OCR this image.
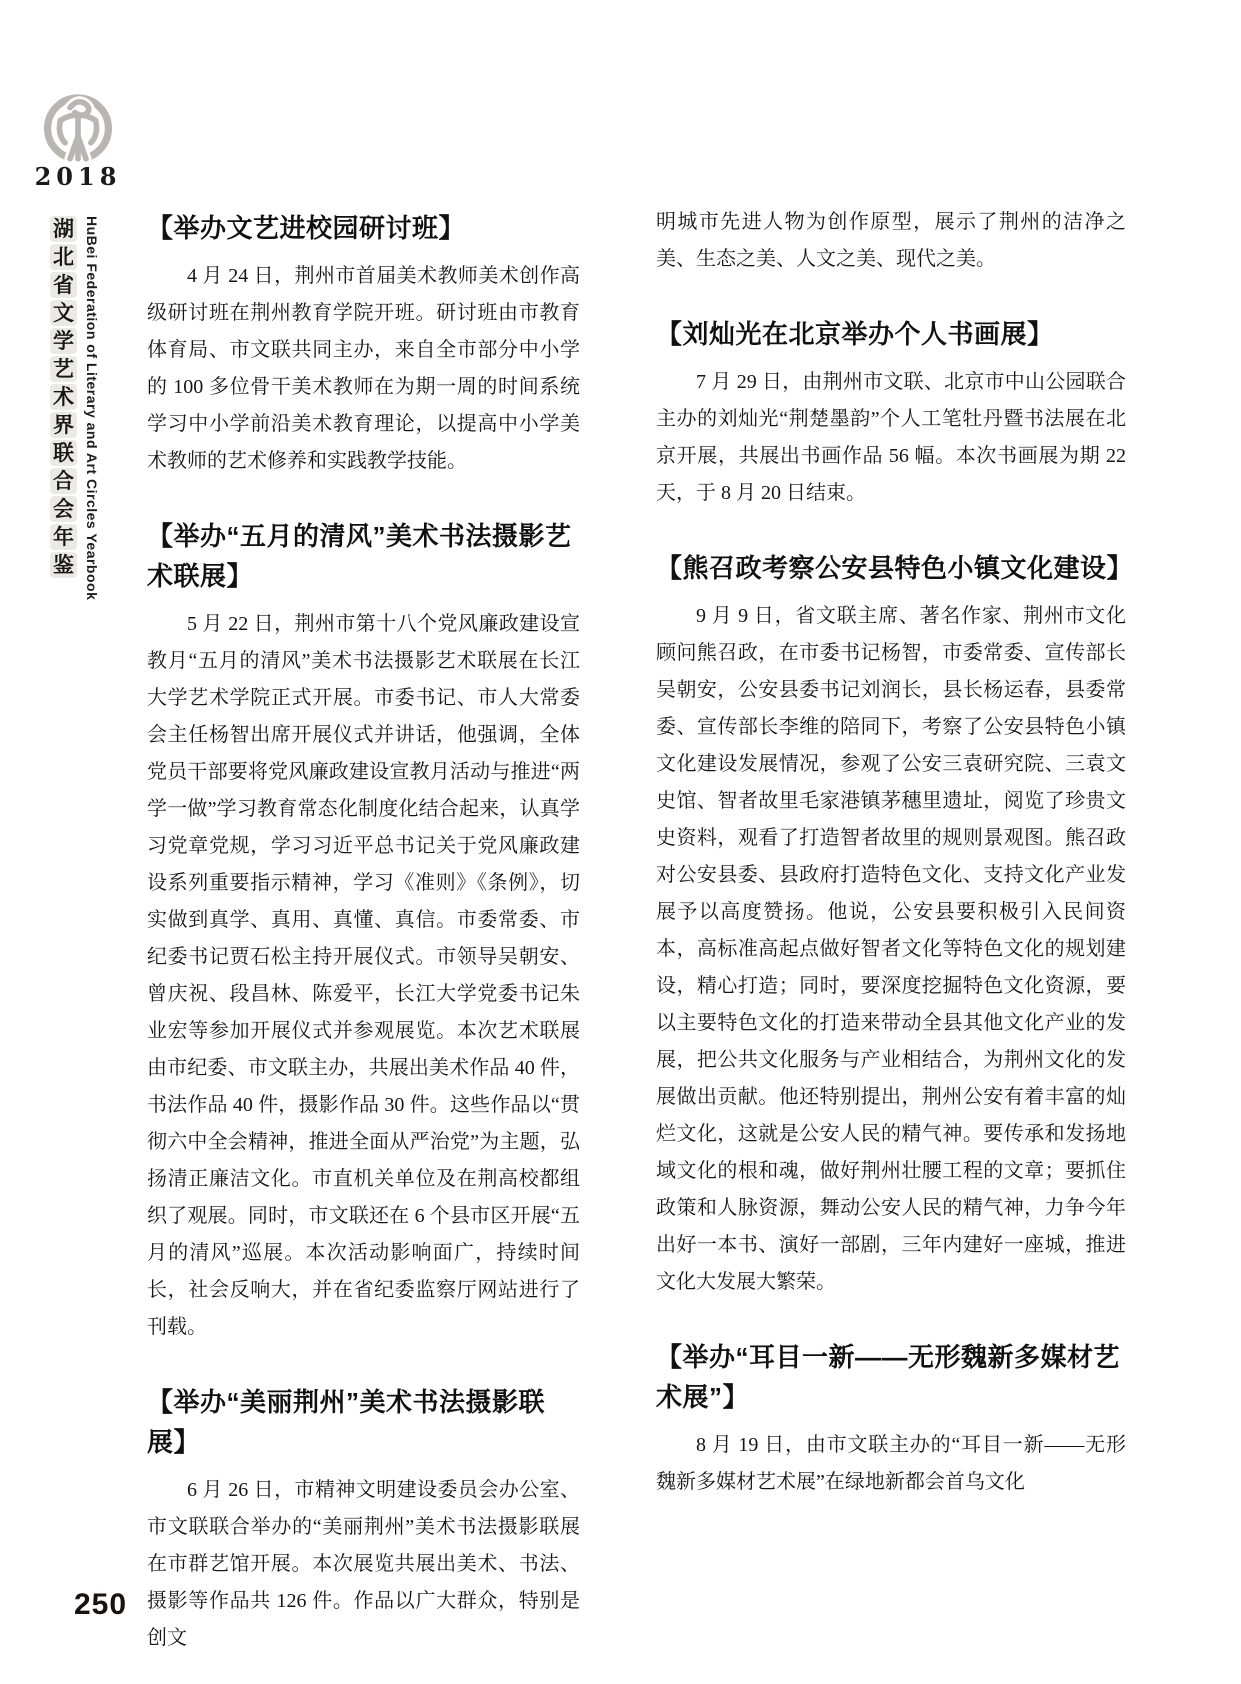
2018
湖
北
省
文
学
艺
术
界
联
合
会
年
鉴 HuBei Federation of Literary and Art Circles Yearbook
250
【举办文艺进校园研讨班】

4 月 24 日，荆州市首届美术教师美术创作高级研讨班在荆州教育学院开班。研讨班由市教育体育局、市文联共同主办，来自全市部分中小学的 100 多位骨干美术教师在为期一周的时间系统学习中小学前沿美术教育理论，以提高中小学美术教师的艺术修养和实践教学技能。

【举办“五月的清风”美术书法摄影艺术联展】

5 月 22 日，荆州市第十八个党风廉政建设宣教月“五月的清风”美术书法摄影艺术联展在长江大学艺术学院正式开展。市委书记、市人大常委会主任杨智出席开展仪式并讲话，他强调，全体党员干部要将党风廉政建设宣教月活动与推进“两学一做”学习教育常态化制度化结合起来，认真学习党章党规，学习习近平总书记关于党风廉政建设系列重要指示精神，学习《准则》《条例》，切实做到真学、真用、真懂、真信。市委常委、市纪委书记贾石松主持开展仪式。市领导吴朝安、曾庆祝、段昌林、陈爱平，长江大学党委书记朱业宏等参加开展仪式并参观展览。本次艺术联展由市纪委、市文联主办，共展出美术作品 40 件，书法作品 40 件，摄影作品 30 件。这些作品以“贯彻六中全会精神，推进全面从严治党”为主题，弘扬清正廉洁文化。市直机关单位及在荆高校都组织了观展。同时，市文联还在 6 个县市区开展“五月的清风”巡展。本次活动影响面广，持续时间长，社会反响大，并在省纪委监察厅网站进行了刊载。

【举办“美丽荆州”美术书法摄影联展】

6 月 26 日，市精神文明建设委员会办公室、市文联联合举办的“美丽荆州”美术书法摄影联展在市群艺馆开展。本次展览共展出美术、书法、摄影等作品共 126 件。作品以广大群众，特别是创文

明城市先进人物为创作原型，展示了荆州的洁净之美、生态之美、人文之美、现代之美。

【刘灿光在北京举办个人书画展】

7 月 29 日，由荆州市文联、北京市中山公园联合主办的刘灿光“荆楚墨韵”个人工笔牡丹暨书法展在北京开展，共展出书画作品 56 幅。本次书画展为期 22 天，于 8 月 20 日结束。

【熊召政考察公安县特色小镇文化建设】

9 月 9 日，省文联主席、著名作家、荆州市文化顾问熊召政，在市委书记杨智，市委常委、宣传部长吴朝安，公安县委书记刘润长，县长杨运春，县委常委、宣传部长李维的陪同下，考察了公安县特色小镇文化建设发展情况，参观了公安三袁研究院、三袁文史馆、智者故里毛家港镇茅穗里遗址，阅览了珍贵文史资料，观看了打造智者故里的规则景观图。熊召政对公安县委、县政府打造特色文化、支持文化产业发展予以高度赞扬。他说，公安县要积极引入民间资本，高标准高起点做好智者文化等特色文化的规划建设，精心打造；同时，要深度挖掘特色文化资源，要以主要特色文化的打造来带动全县其他文化产业的发展，把公共文化服务与产业相结合，为荆州文化的发展做出贡献。他还特别提出，荆州公安有着丰富的灿烂文化，这就是公安人民的精气神。要传承和发扬地域文化的根和魂，做好荆州壮腰工程的文章；要抓住政策和人脉资源，舞动公安人民的精气神，力争今年出好一本书、演好一部剧，三年内建好一座城，推进文化大发展大繁荣。

【举办“耳目一新——无形魏新多媒材艺术展”】

8 月 19 日，由市文联主办的“耳目一新——无形魏新多媒材艺术展”在绿地新都会首乌文化
